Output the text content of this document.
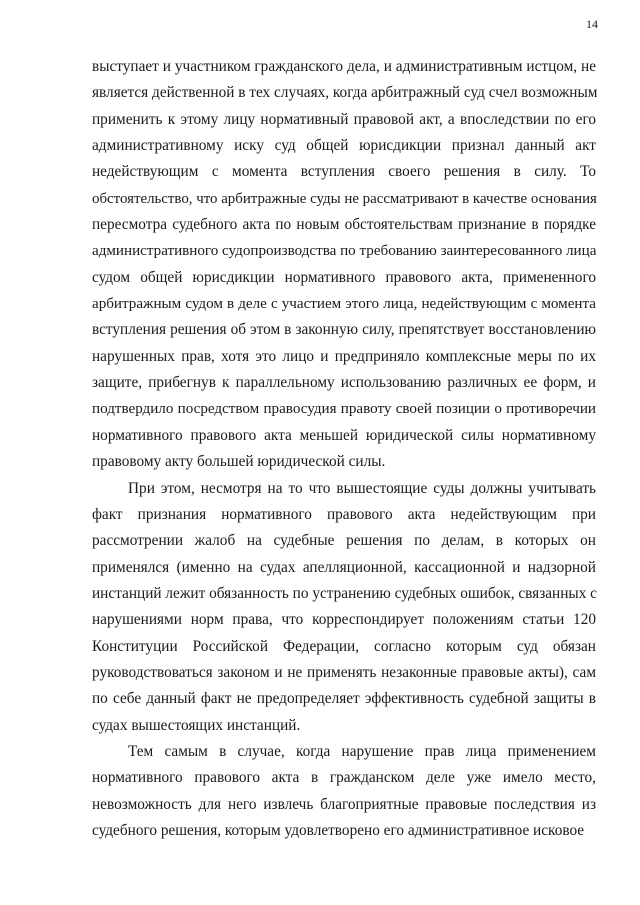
14

выступает и участником гражданского дела, и административным истцом, не
является действенной в тех случаях, когда арбитражный суд счел возможным
применить к этому лицу нормативный правовой акт, а впоследствии по его
административному иску суд общей юрисдикции признал данный акт
недействующим с момента вступления своего решения в силу. То
обстоятельство, что арбитражные суды не рассматривают в качестве основания
пересмотра судебного акта по новым обстоятельствам признание в порядке
административного судопроизводства по требованию заинтересованного лица
судом общей юрисдикции нормативного правового акта, примененного
арбитражным судом в деле с участием этого лица, недействующим с момента
вступления решения об этом в законную силу, препятствует восстановлению
нарушенных прав, хотя это лицо и предприняло комплексные меры по их
защите, прибегнув к параллельному использованию различных ее форм, и
подтвердило посредством правосудия правоту своей позиции о противоречии
нормативного правового акта меньшей юридической силы нормативному
правовому акту большей юридической силы.

При этом, несмотря на то что вышестоящие суды должны учитывать
факт признания нормативного правового акта недействующим при
рассмотрении жалоб на судебные решения по делам, в которых он
применялся (именно на судах апелляционной, кассационной и надзорной
инстанций лежит обязанность по устранению судебных ошибок, связанных с
нарушениями норм права, что корреспондирует положениям статьи 120
Конституции Российской Федерации, согласно которым суд обязан
руководствоваться законом и не применять незаконные правовые акты), сам
по себе данный факт не предопределяет эффективность судебной защиты в
судах вышестоящих инстанций.

Тем самым в случае, когда нарушение прав лица применением
нормативного правового акта в гражданском деле уже имело место,
невозможность для него извлечь благоприятные правовые последствия из
судебного решения, которым удовлетворено его административное исковое
